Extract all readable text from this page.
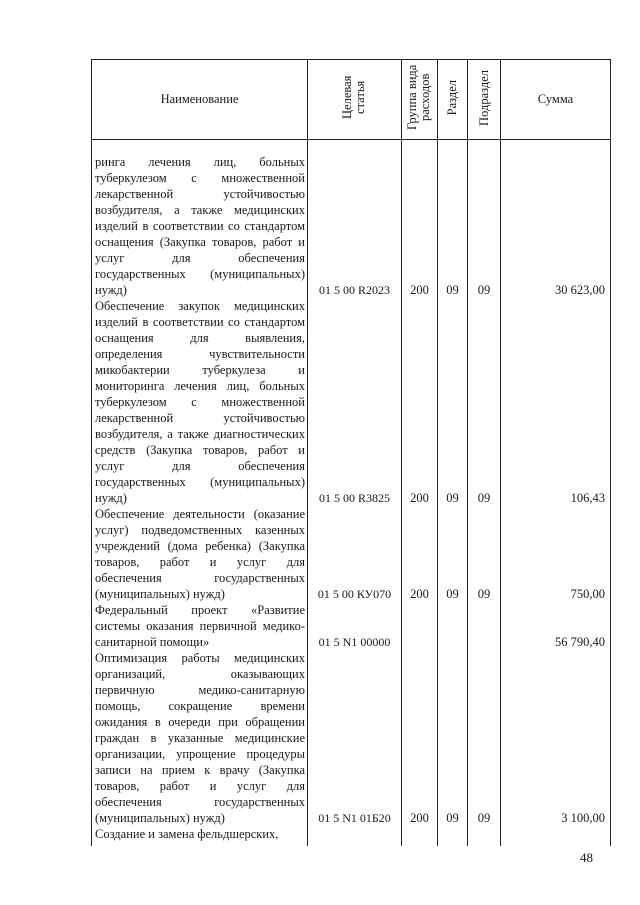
Наименование	Целевая статья	Группа вида расходов	Раздел	Подраздел	Сумма
ринга лечения лиц, больных туберкулезом с множественной лекарственной устойчивостью возбудителя, а также медицинских изделий в соответствии со стандартом оснащения (Закупка товаров, работ и услуг для обеспечения государственных (муниципальных) нужд)	01 5 00 R2023	200	09	09	30 623,00
Обеспечение закупок медицинских изделий в соответствии со стандартом оснащения для выявления, определения чувствительности микобактерии туберкулеза и мониторинга лечения лиц, больных туберкулезом с множественной лекарственной устойчивостью возбудителя, а также диагностических средств (Закупка товаров, работ и услуг для обеспечения государственных (муниципальных) нужд)	01 5 00 R3825	200	09	09	106,43
Обеспечение деятельности (оказание услуг) подведомственных казенных учреждений (дома ребенка) (Закупка товаров, работ и услуг для обеспечения государственных (муниципальных) нужд)	01 5 00 КУ070	200	09	09	750,00
Федеральный проект «Развитие системы оказания первичной медико-санитарной помощи»	01 5 N1 00000				56 790,40
Оптимизация работы медицинских организаций, оказывающих первичную медико-санитарную помощь, сокращение времени ожидания в очереди при обращении граждан в указанные медицинские организации, упрощение процедуры записи на прием к врачу (Закупка товаров, работ и услуг для обеспечения государственных (муниципальных) нужд)	01 5 N1 01Б20	200	09	09	3 100,00
Создание и замена фельдшерских,					
48
